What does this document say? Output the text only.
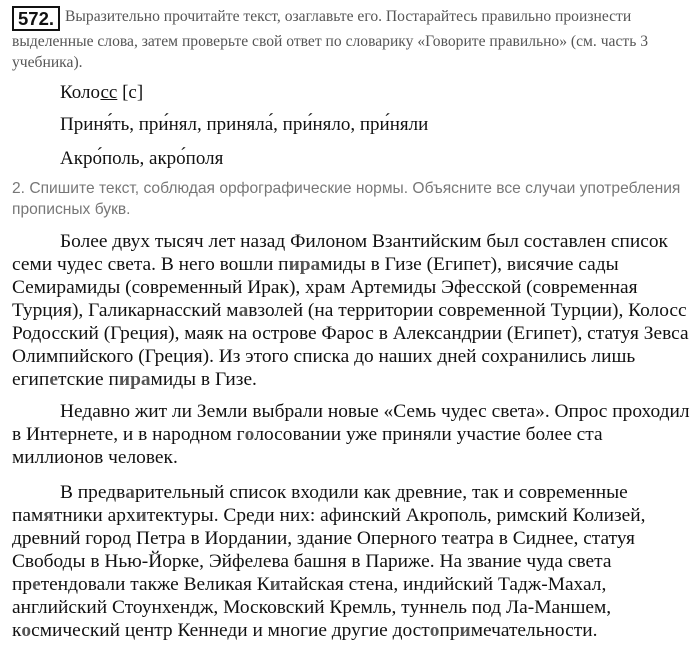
572. Выразительно прочитайте текст, озаглавьте его. Постарайтесь правильно произнести выделенные слова, затем проверьте свой ответ по словарику «Говорите правильно» (см. часть 3 учебника).
Колосс [с]
Приня́ть, при́нял, приняла́, при́няло, при́няли
Акро́поль, акро́поля
2. Спишите текст, соблюдая орфографические нормы. Объясните все случаи употребления прописных букв.

Более двух тысяч лет назад Филоном Взантийским был составлен список семи чудес света. В него вошли пирамиды в Гизе (Египет), висячие сады Семирамиды (современный Ирак), храм Артемиды Эфесской (современная Турция), Галикарнасский мавзолей (на территории современной Турции), Колосс Родосский (Греция), маяк на острове Фарос в Александрии (Египет), статуя Зевса Олимпийского (Греция). Из этого списка до наших дней сохранились лишь египетские пирамиды в Гизе.

Недавно жит ли Земли выбрали новые «Семь чудес света». Опрос проходил в Интернете, и в народном голосовании уже приняли участие более ста миллионов человек.

В предварительный список входили как древние, так и современные памятники архитектуры. Среди них: афинский Акрополь, римский Колизей, древний город Петра в Иордании, здание Оперного театра в Сиднее, статуя Свободы в Нью-Йорке, Эйфелева башня в Париже. На звание чуда света претендовали также Великая Китайская стена, индийский Тадж-Махал, английский Стоунхендж, Московский Кремль, туннель под Ла-Маншем, космический центр Кеннеди и многие другие достопримечательности.
